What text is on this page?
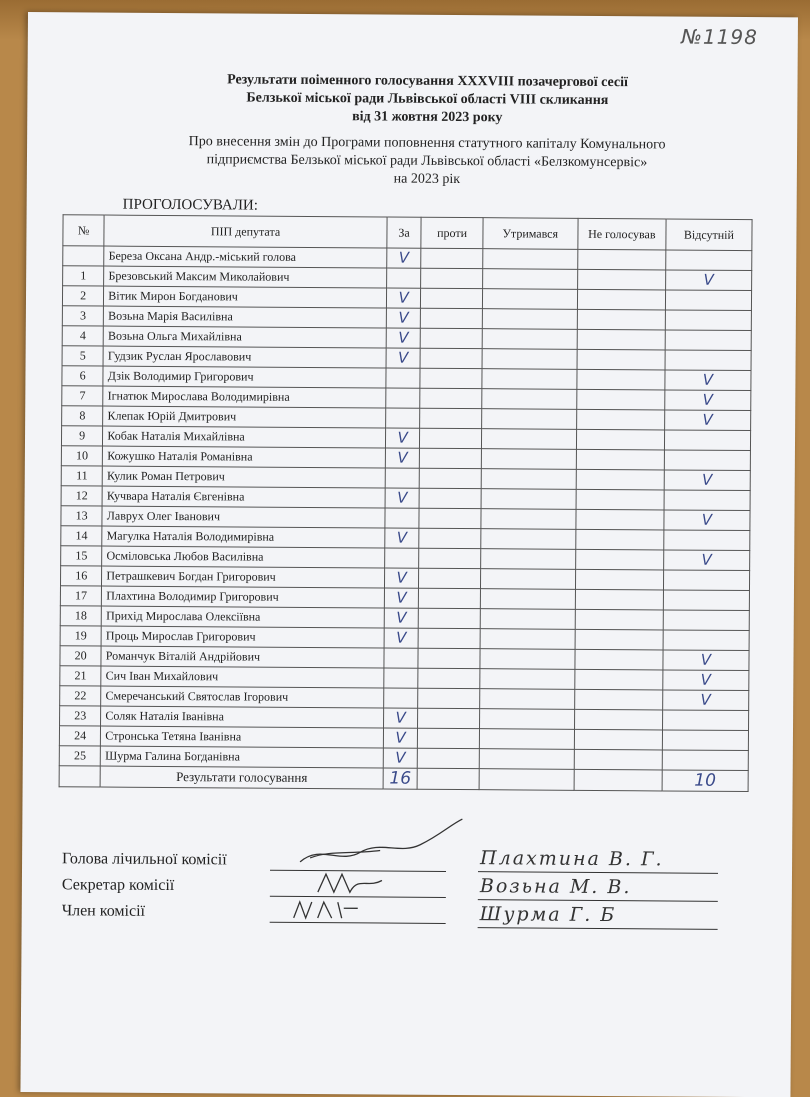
№1198
Результати поіменного голосування XXXVIII позачергової сесії
Белзької міської ради Львівської області VIII скликання
від 31 жовтня 2023 року
Про внесення змін до Програми поповнення статутного капіталу Комунального
підприємства Белзької міської ради Львівської області «Белзкомунсервіс»
на 2023 рік
ПРОГОЛОСУВАЛИ:
№	ПІП депутата	За	проти	Утримався	Не голосував	Відсутній
	Береза Оксана Андр.-міський голова	V				
1	Брезовський Максим Миколайович					V
2	Вітик Мирон Богданович	V				
3	Возьна Марія Василівна	V				
4	Возьна Ольга Михайлівна	V				
5	Гудзик Руслан Ярославович	V				
6	Дзік Володимир Григорович					V
7	Ігнатюк Мирослава Володимирівна					V
8	Клепак Юрій Дмитрович					V
9	Кобак Наталія Михайлівна	V				
10	Кожушко Наталія Романівна	V				
11	Кулик Роман Петрович					V
12	Кучвара Наталія Євгенівна	V				
13	Лаврух Олег Іванович					V
14	Магулка Наталія Володимирівна	V				
15	Осміловська Любов Василівна					V
16	Петрашкевич Богдан Григорович	V				
17	Плахтина Володимир Григорович	V				
18	Прихід Мирослава Олексіївна	V				
19	Проць Мирослав Григорович	V				
20	Романчук Віталій Андрійович					V
21	Сич Іван Михайлович					V
22	Смеречанський Святослав Ігорович					V
23	Соляк Наталія Іванівна	V				
24	Стронська Тетяна Іванівна	V				
25	Шурма Галина Богданівна	V				
	Результати голосування	16				10
Голова лічильної комісії
Секретар комісії
Член комісії
Плахтина В. Г.
Возьна М. В.
Шурма Г. Б
